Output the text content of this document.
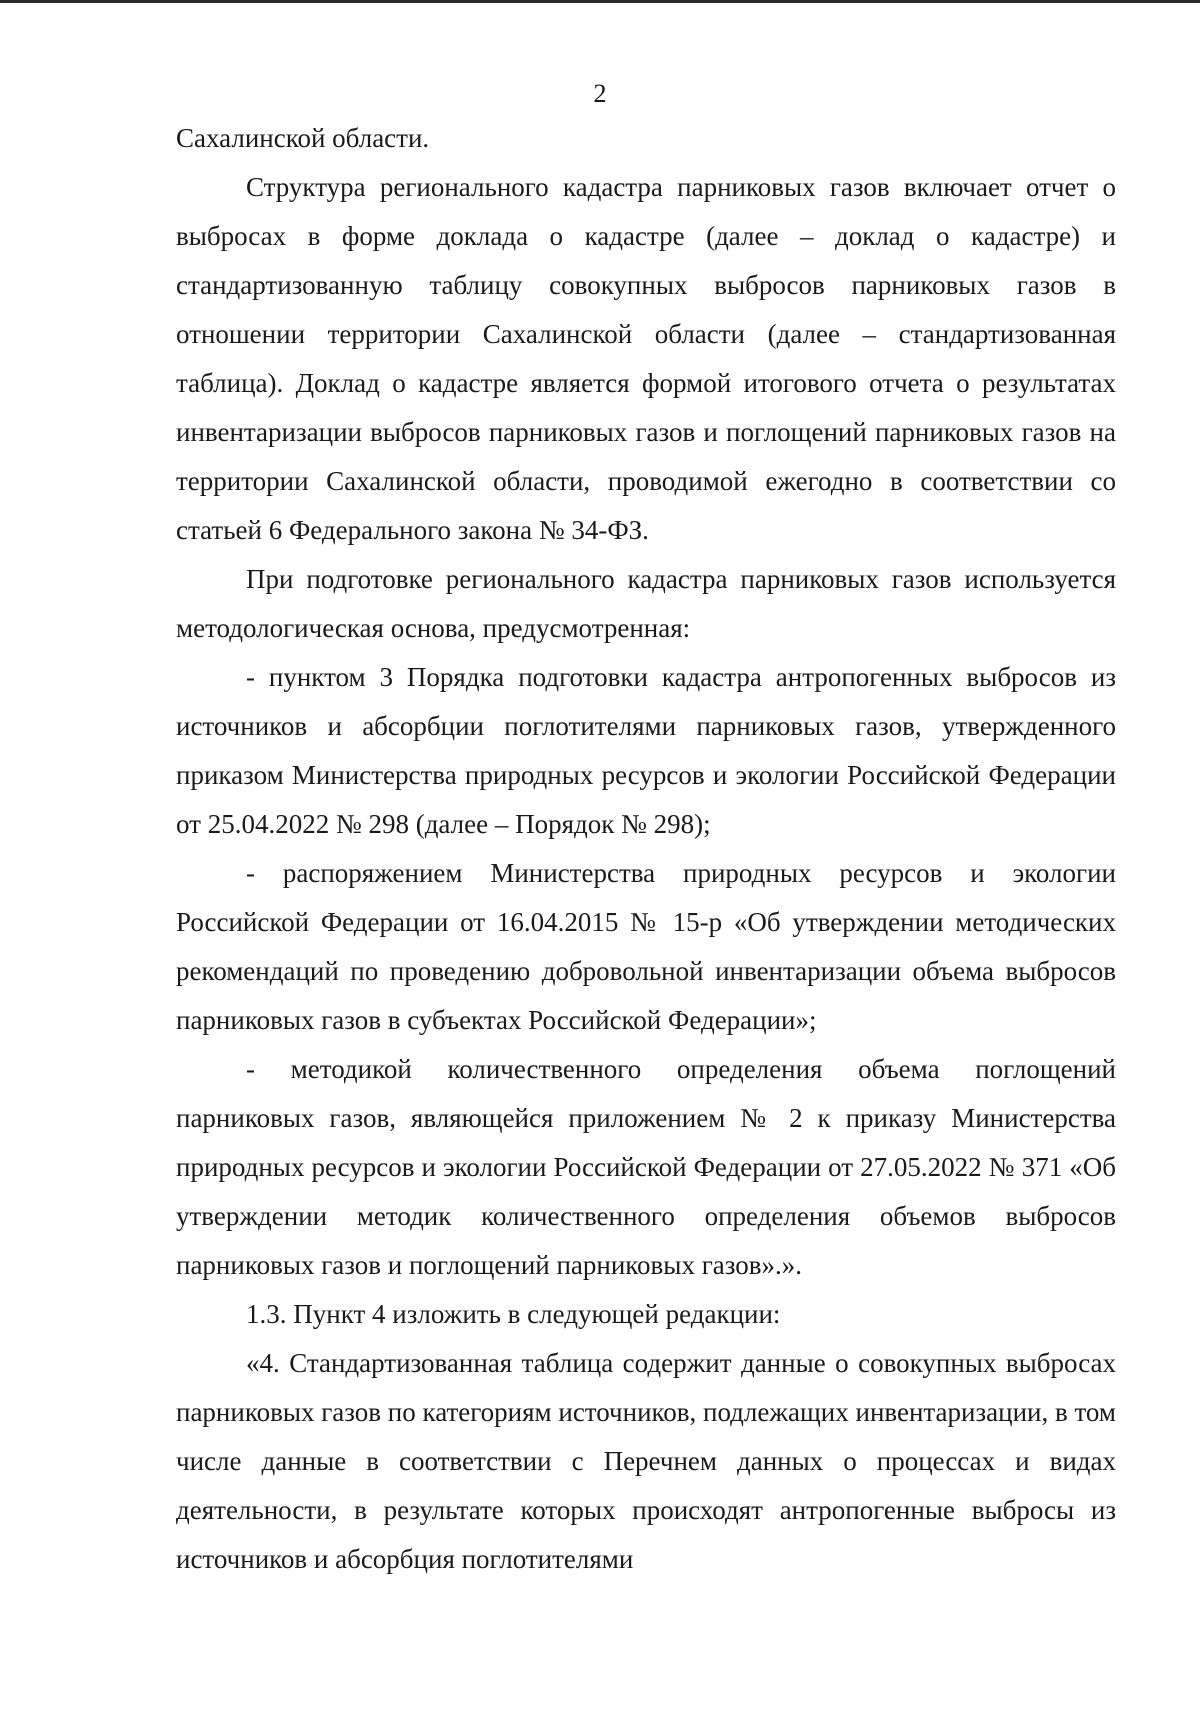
2

Сахалинской области.

Структура регионального кадастра парниковых газов включает отчет о выбросах в форме доклада о кадастре (далее – доклад о кадастре) и стандартизованную таблицу совокупных выбросов парниковых газов в отношении территории Сахалинской области (далее – стандартизованная таблица). Доклад о кадастре является формой итогового отчета о результатах инвентаризации выбросов парниковых газов и поглощений парниковых газов на территории Сахалинской области, проводимой ежегодно в соответствии со статьей 6 Федерального закона № 34-ФЗ.

При подготовке регионального кадастра парниковых газов используется методологическая основа, предусмотренная:

- пунктом 3 Порядка подготовки кадастра антропогенных выбросов из источников и абсорбции поглотителями парниковых газов, утвержденного приказом Министерства природных ресурсов и экологии Российской Федерации от 25.04.2022 № 298 (далее – Порядок № 298);

- распоряжением Министерства природных ресурсов и экологии Российской Федерации от 16.04.2015 № 15-р «Об утверждении методических рекомендаций по проведению добровольной инвентаризации объема выбросов парниковых газов в субъектах Российской Федерации»;

- методикой количественного определения объема поглощений парниковых газов, являющейся приложением № 2 к приказу Министерства природных ресурсов и экологии Российской Федерации от 27.05.2022 № 371 «Об утверждении методик количественного определения объемов выбросов парниковых газов и поглощений парниковых газов».».

1.3. Пункт 4 изложить в следующей редакции:

«4. Стандартизованная таблица содержит данные о совокупных выбросах парниковых газов по категориям источников, подлежащих инвентаризации, в том числе данные в соответствии с Перечнем данных о процессах и видах деятельности, в результате которых происходят антропогенные выбросы из источников и абсорбция поглотителями
